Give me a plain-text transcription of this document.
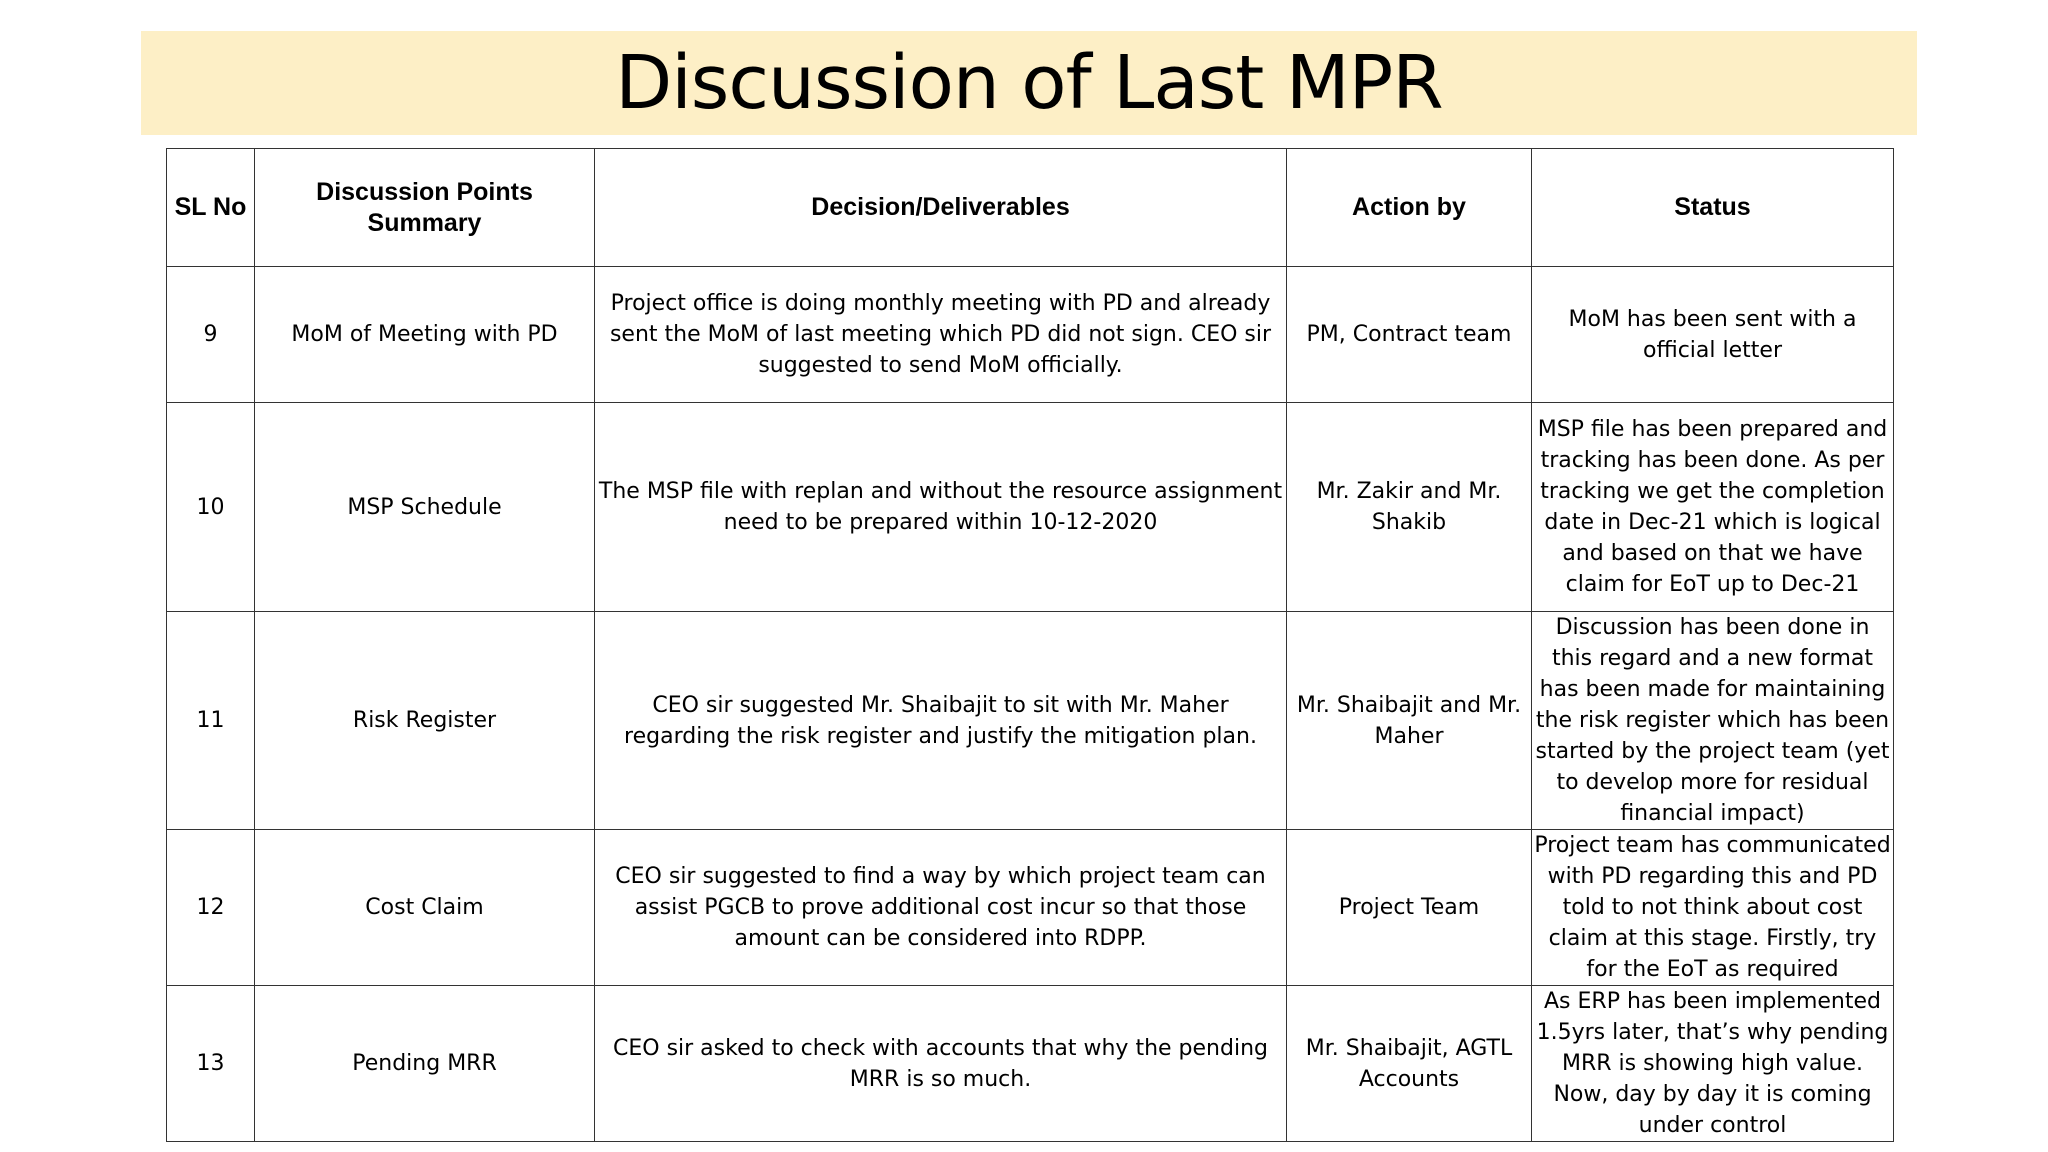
Discussion of Last MPR
SL No	Discussion Points Summary	Decision/Deliverables	Action by	Status
9	MoM of Meeting with PD	Project office is doing monthly meeting with PD and already sent the MoM of last meeting which PD did not sign. CEO sir suggested to send MoM officially.	PM, Contract team	MoM has been sent with a official letter
10	MSP Schedule	The MSP file with replan and without the resource assignment need to be prepared within 10-12-2020	Mr. Zakir and Mr. Shakib	MSP file has been prepared and tracking has been done. As per tracking we get the completion date in Dec-21 which is logical and based on that we have claim for EoT up to Dec-21
11	Risk Register	CEO sir suggested Mr. Shaibajit to sit with Mr. Maher regarding the risk register and justify the mitigation plan.	Mr. Shaibajit and Mr. Maher	Discussion has been done in this regard and a new format has been made for maintaining the risk register which has been started by the project team (yet to develop more for residual financial impact)
12	Cost Claim	CEO sir suggested to find a way by which project team can assist PGCB to prove additional cost incur so that those amount can be considered into RDPP.	Project Team	Project team has communicated with PD regarding this and PD told to not think about cost claim at this stage. Firstly, try for the EoT as required
13	Pending MRR	CEO sir asked to check with accounts that why the pending MRR is so much.	Mr. Shaibajit, AGTL Accounts	As ERP has been implemented 1.5yrs later, that’s why pending MRR is showing high value. Now, day by day it is coming under control
